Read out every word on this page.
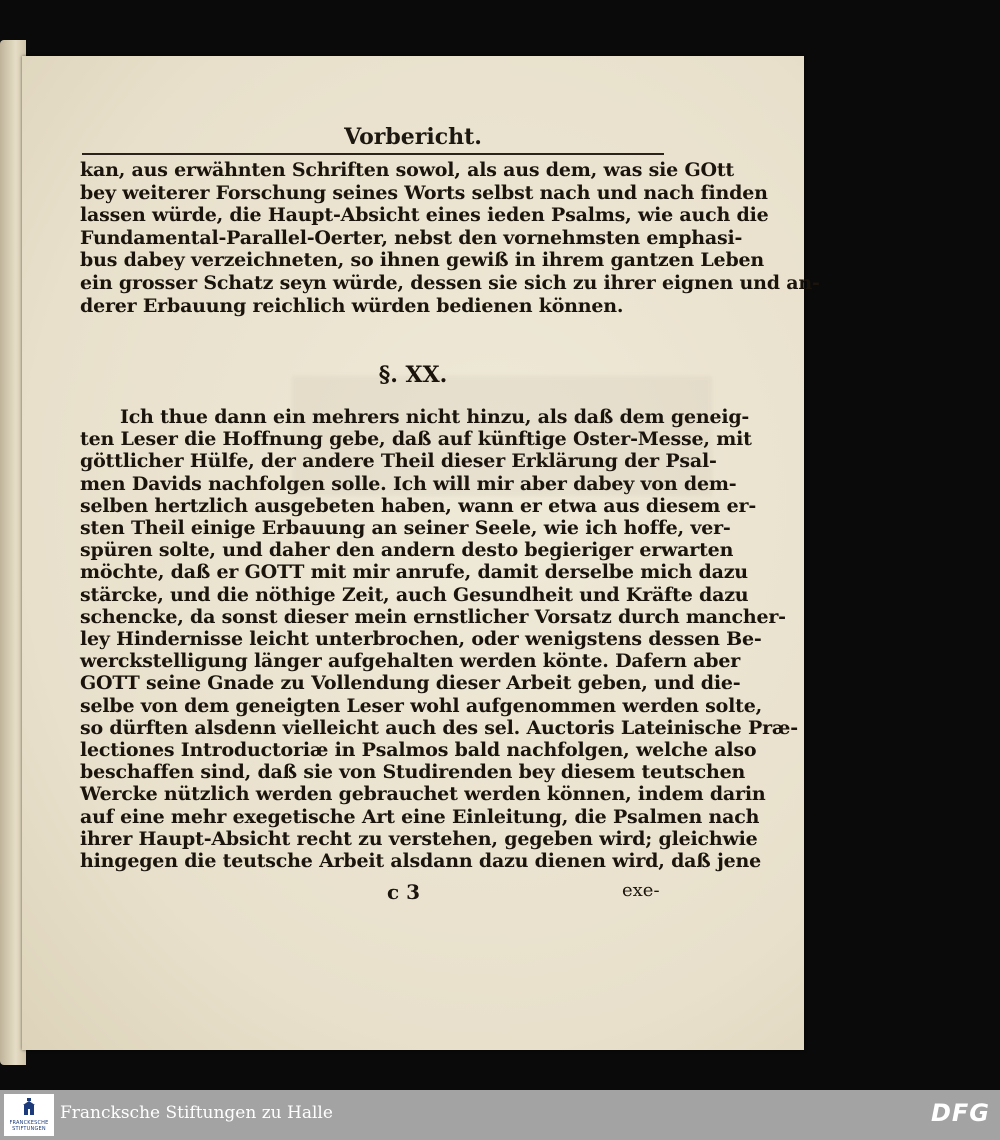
Vorbericht.
kan, aus erwähnten Schriften sowol, als aus dem, was sie GOtt
bey weiterer Forschung seines Worts selbst nach und nach finden
lassen würde, die Haupt-Absicht eines ieden Psalms, wie auch die
Fundamental-Parallel-Oerter, nebst den vornehmsten emphasi-
bus dabey verzeichneten, so ihnen gewiß in ihrem gantzen Leben
ein grosser Schatz seyn würde, dessen sie sich zu ihrer eignen und an-
derer Erbauung reichlich würden bedienen können.
§. XX.
Ich thue dann ein mehrers nicht hinzu, als daß dem geneig-
ten Leser die Hoffnung gebe, daß auf künftige Oster-Messe, mit
göttlicher Hülfe, der andere Theil dieser Erklärung der Psal-
men Davids nachfolgen solle. Ich will mir aber dabey von dem-
selben hertzlich ausgebeten haben, wann er etwa aus diesem er-
sten Theil einige Erbauung an seiner Seele, wie ich hoffe, ver-
spüren solte, und daher den andern desto begieriger erwarten
möchte, daß er GOTT mit mir anrufe, damit derselbe mich dazu
stärcke, und die nöthige Zeit, auch Gesundheit und Kräfte dazu
schencke, da sonst dieser mein ernstlicher Vorsatz durch mancher-
ley Hindernisse leicht unterbrochen, oder wenigstens dessen Be-
werckstelligung länger aufgehalten werden könte. Dafern aber
GOTT seine Gnade zu Vollendung dieser Arbeit geben, und die-
selbe von dem geneigten Leser wohl aufgenommen werden solte,
so dürften alsdenn vielleicht auch des sel. Auctoris Lateinische Præ-
lectiones Introductoriæ in Psalmos bald nachfolgen, welche also
beschaffen sind, daß sie von Studirenden bey diesem teutschen
Wercke nützlich werden gebrauchet werden können, indem darin
auf eine mehr exegetische Art eine Einleitung, die Psalmen nach
ihrer Haupt-Absicht recht zu verstehen, gegeben wird; gleichwie
hingegen die teutsche Arbeit alsdann dazu dienen wird, daß jene
c 3	exe-
FRANCKESCHE STIFTUNGEN
Francksche Stiftungen zu Halle	DFG
